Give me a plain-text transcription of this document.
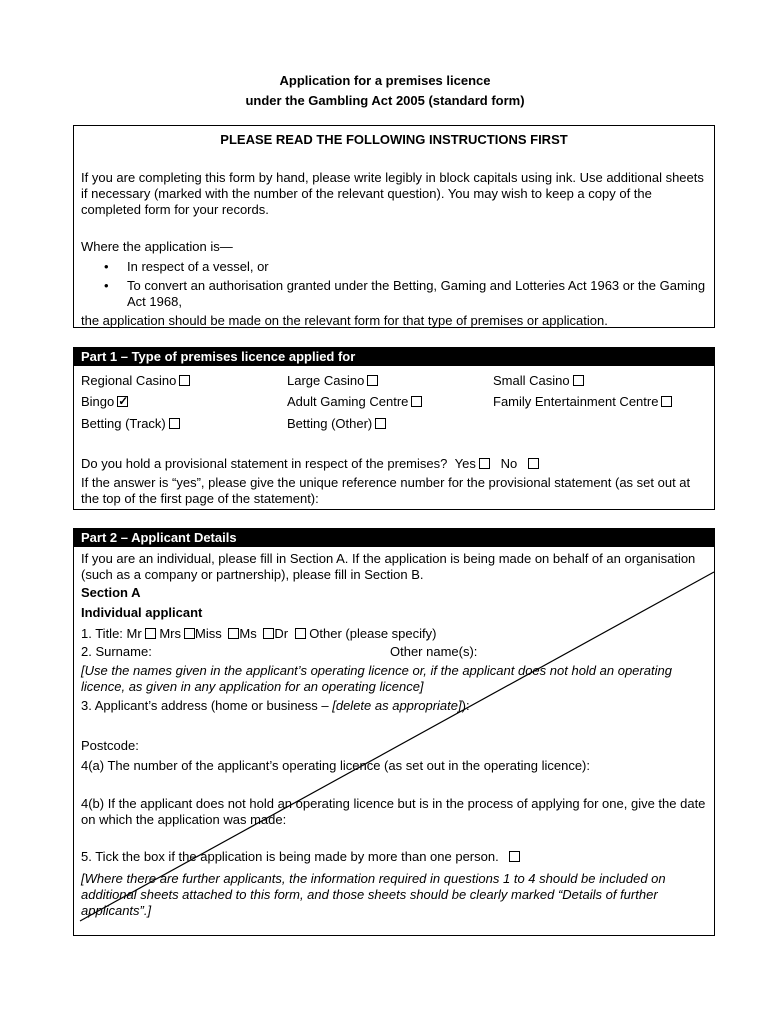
Application for a premises licence
under the Gambling Act 2005 (standard form)
PLEASE READ THE FOLLOWING INSTRUCTIONS FIRST
If you are completing this form by hand, please write legibly in block capitals using ink. Use additional sheets if necessary (marked with the number of the relevant question). You may wish to keep a copy of the completed form for your records.
Where the application is—
• In respect of a vessel, or
• To convert an authorisation granted under the Betting, Gaming and Lotteries Act 1963 or the Gaming Act 1968,
the application should be made on the relevant form for that type of premises or application.
Part 1 – Type of premises licence applied for
Regional Casino	Large Casino	Small Casino
Bingo✓	Adult Gaming Centre	Family Entertainment Centre
Betting (Track)	Betting (Other)
Do you hold a provisional statement in respect of the premises? Yes No
If the answer is “yes”, please give the unique reference number for the provisional statement (as set out at the top of the first page of the statement):
Part 2 – Applicant Details
If you are an individual, please fill in Section A. If the application is being made on behalf of an organisation (such as a company or partnership), please fill in Section B.
Section A
Individual applicant
1. Title: Mr Mrs Miss Ms Dr Other (please specify)
2. Surname:	Other name(s):
[Use the names given in the applicant’s operating licence or, if the applicant does not hold an operating licence, as given in any application for an operating licence]
3. Applicant’s address (home or business – [delete as appropriate]):
Postcode:
4(a) The number of the applicant’s operating licence (as set out in the operating licence):
4(b) If the applicant does not hold an operating licence but is in the process of applying for one, give the date on which the application was made:
5. Tick the box if the application is being made by more than one person.
[Where there are further applicants, the information required in questions 1 to 4 should be included on additional sheets attached to this form, and those sheets should be clearly marked “Details of further applicants”.]
